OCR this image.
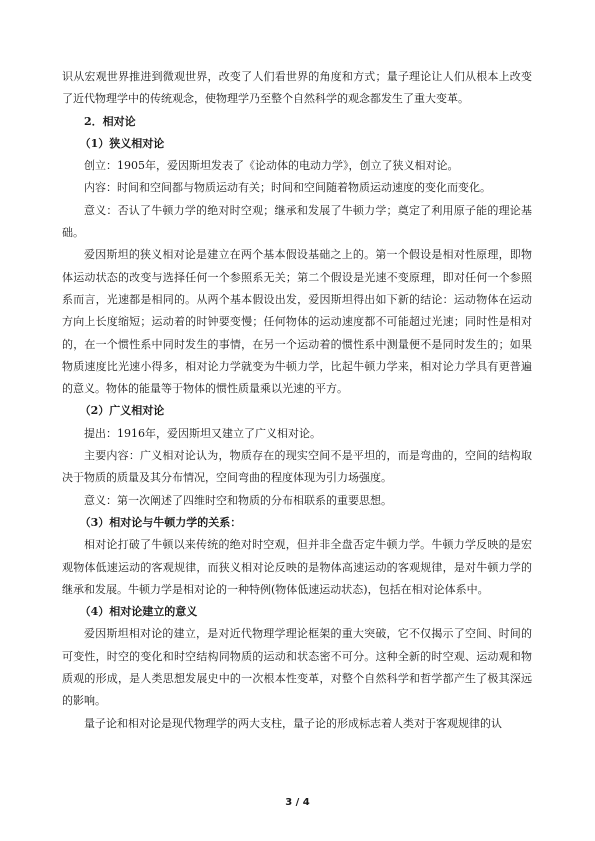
识从宏观世界推进到微观世界，改变了人们看世界的角度和方式；量子理论让人们从根本上改变了近代物理学中的传统观念，使物理学乃至整个自然科学的观念都发生了重大变革。

2．相对论

（1）狭义相对论

创立：1905年，爱因斯坦发表了《论动体的电动力学》，创立了狭义相对论。

内容：时间和空间都与物质运动有关；时间和空间随着物质运动速度的变化而变化。

意义：否认了牛顿力学的绝对时空观；继承和发展了牛顿力学；奠定了利用原子能的理论基础。

爱因斯坦的狭义相对论是建立在两个基本假设基础之上的。第一个假设是相对性原理，即物体运动状态的改变与选择任何一个参照系无关；第二个假设是光速不变原理，即对任何一个参照系而言，光速都是相同的。从两个基本假设出发，爱因斯坦得出如下新的结论：运动物体在运动方向上长度缩短；运动着的时钟要变慢；任何物体的运动速度都不可能超过光速；同时性是相对的，在一个惯性系中同时发生的事情，在另一个运动着的惯性系中测量便不是同时发生的；如果物质速度比光速小得多，相对论力学就变为牛顿力学，比起牛顿力学来，相对论力学具有更普遍的意义。物体的能量等于物体的惯性质量乘以光速的平方。

（2）广义相对论

提出：1916年，爱因斯坦又建立了广义相对论。

主要内容：广义相对论认为，物质存在的现实空间不是平坦的，而是弯曲的，空间的结构取决于物质的质量及其分布情况，空间弯曲的程度体现为引力场强度。

意义：第一次阐述了四维时空和物质的分布相联系的重要思想。

（3）相对论与牛顿力学的关系：

相对论打破了牛顿以来传统的绝对时空观，但并非全盘否定牛顿力学。牛顿力学反映的是宏观物体低速运动的客观规律，而狭义相对论反映的是物体高速运动的客观规律，是对牛顿力学的继承和发展。牛顿力学是相对论的一种特例(物体低速运动状态)，包括在相对论体系中。

（4）相对论建立的意义

爱因斯坦相对论的建立，是对近代物理学理论框架的重大突破，它不仅揭示了空间、时间的可变性，时空的变化和时空结构同物质的运动和状态密不可分。这种全新的时空观、运动观和物质观的形成，是人类思想发展史中的一次根本性变革，对整个自然科学和哲学都产生了极其深远的影响。

量子论和相对论是现代物理学的两大支柱，量子论的形成标志着人类对于客观规律的认

3 / 4
